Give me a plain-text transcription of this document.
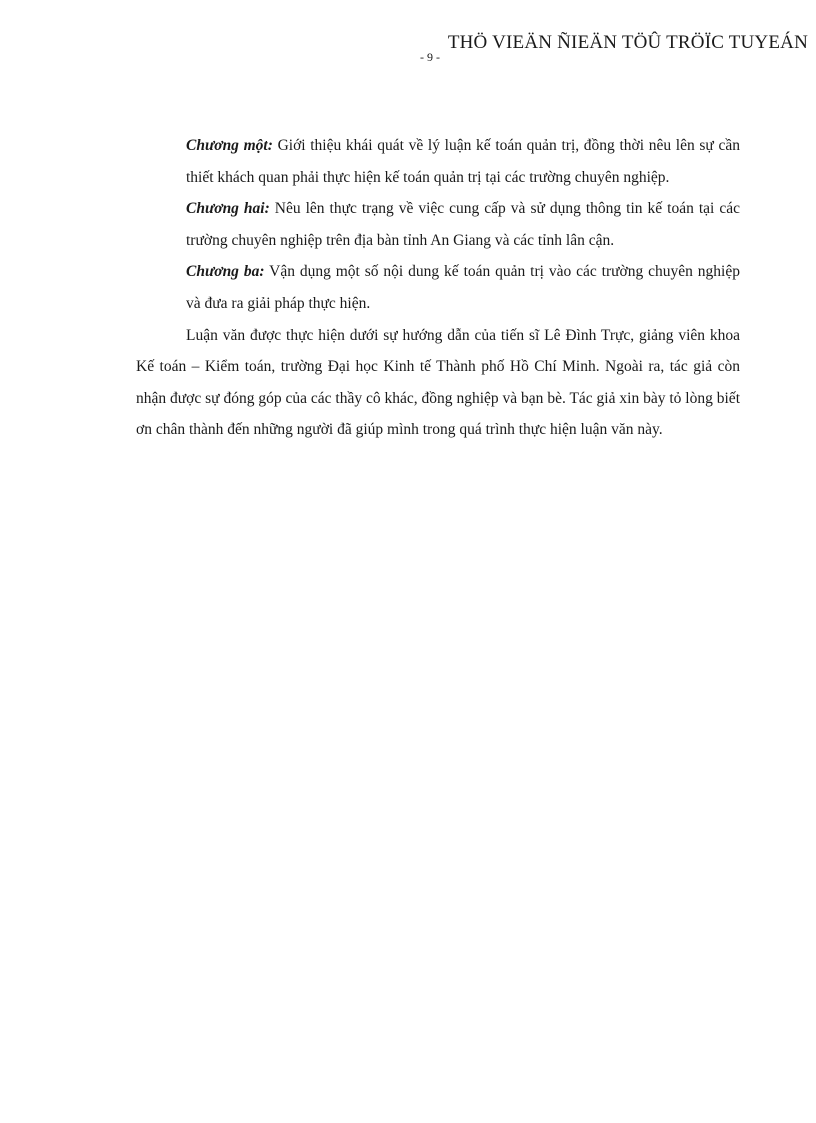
THÖ VIEÄN ÑIEÄN TÖÛ TRÖÏC TUYEÁN
- 9 -

Chương một: Giới thiệu khái quát về lý luận kế toán quản trị, đồng thời nêu lên sự cần thiết khách quan phải thực hiện kế toán quản trị tại các trường chuyên nghiệp.

Chương hai: Nêu lên thực trạng về việc cung cấp và sử dụng thông tin kế toán tại các trường chuyên nghiệp trên địa bàn tỉnh An Giang và các tỉnh lân cận.

Chương ba: Vận dụng một số nội dung kế toán quản trị vào các trường chuyên nghiệp và đưa ra giải pháp thực hiện.

Luận văn được thực hiện dưới sự hướng dẫn của tiến sĩ Lê Đình Trực, giảng viên khoa Kế toán – Kiểm toán, trường Đại học Kinh tế Thành phố Hồ Chí Minh. Ngoài ra, tác giả còn nhận được sự đóng góp của các thầy cô khác, đồng nghiệp và bạn bè. Tác giả xin bày tỏ lòng biết ơn chân thành đến những người đã giúp mình trong quá trình thực hiện luận văn này.
